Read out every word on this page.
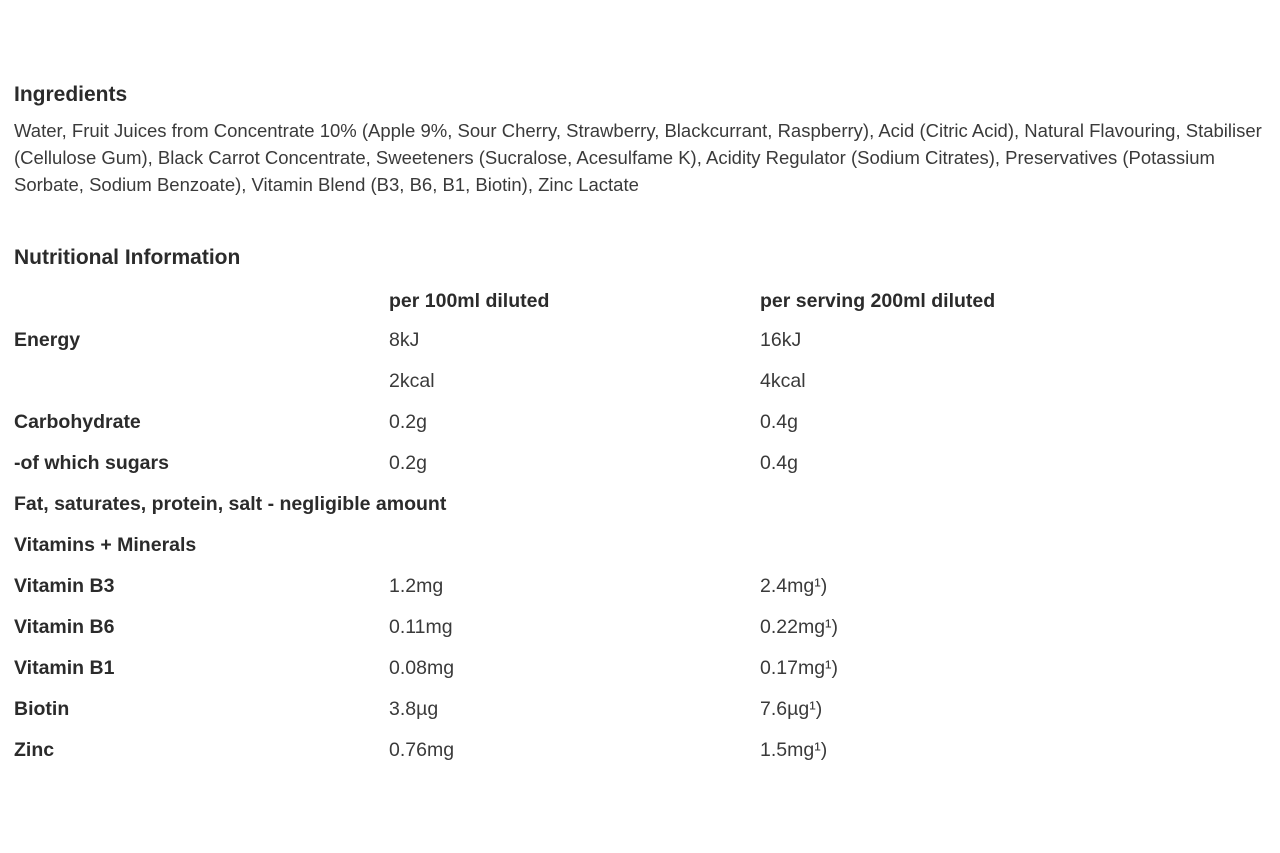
Ingredients

Water, Fruit Juices from Concentrate 10% (Apple 9%, Sour Cherry, Strawberry, Blackcurrant, Raspberry), Acid (Citric Acid), Natural Flavouring, Stabiliser (Cellulose Gum), Black Carrot Concentrate, Sweeteners (Sucralose, Acesulfame K), Acidity Regulator (Sodium Citrates), Preservatives (Potassium Sorbate, Sodium Benzoate), Vitamin Blend (B3, B6, B1, Biotin), Zinc Lactate

Nutritional Information
	per 100ml diluted	per serving 200ml diluted
Energy	8kJ	16kJ
	2kcal	4kcal
Carbohydrate	0.2g	0.4g
-of which sugars	0.2g	0.4g
Fat, saturates, protein, salt - negligible amount		
Vitamins + Minerals		
Vitamin B3	1.2mg	2.4mg¹)
Vitamin B6	0.11mg	0.22mg¹)
Vitamin B1	0.08mg	0.17mg¹)
Biotin	3.8µg	7.6µg¹)
Zinc	0.76mg	1.5mg¹)
